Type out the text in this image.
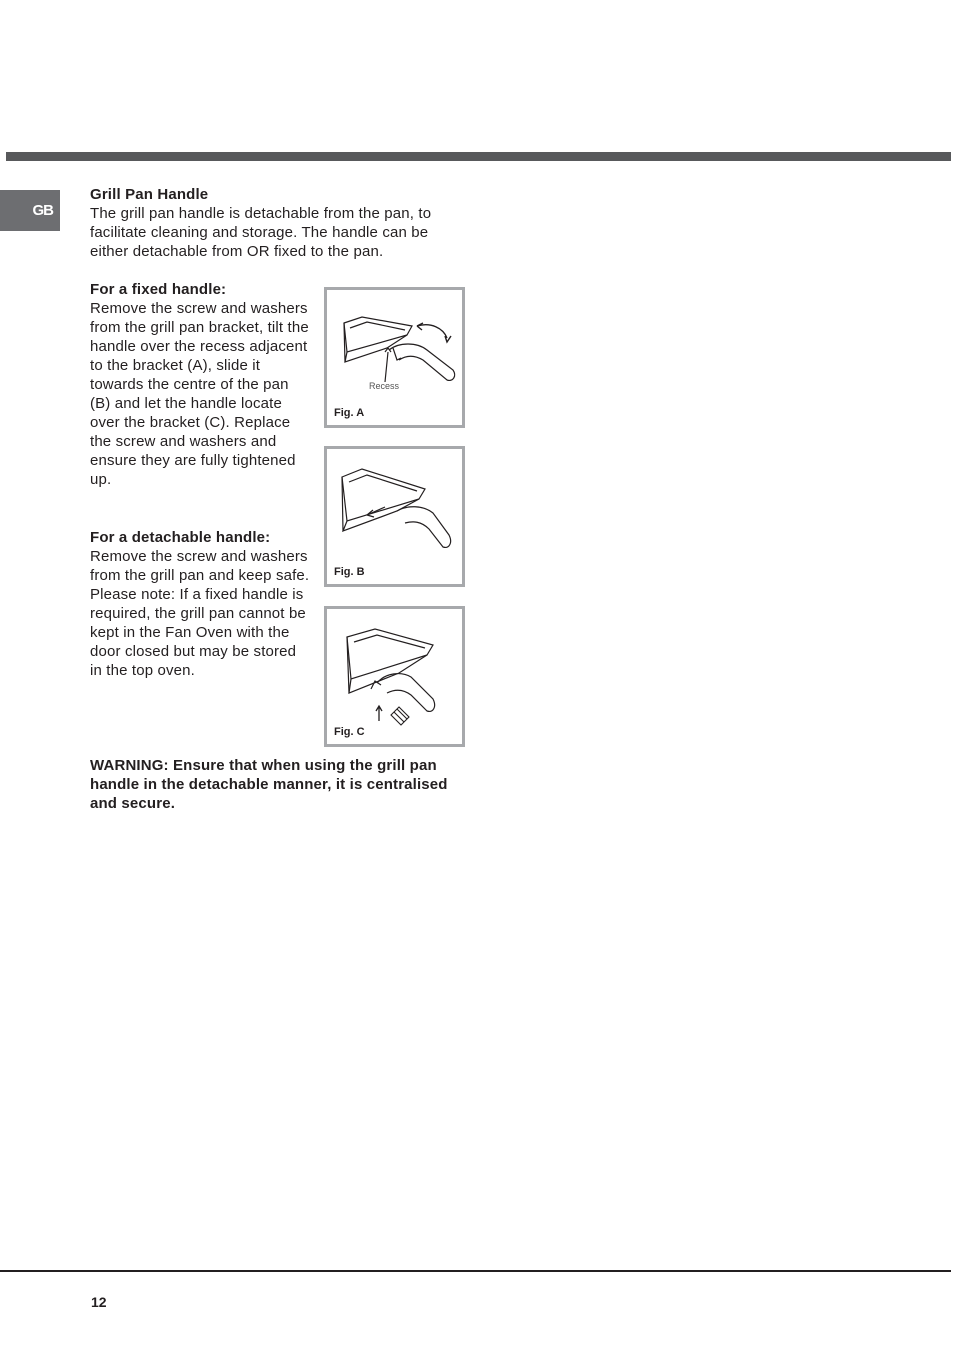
GB
Grill Pan Handle
The grill pan handle is detachable from the pan, to facilitate cleaning and storage. The handle can be either detachable from OR fixed to the pan.
For a fixed handle:
Remove the screw and washers from the grill pan bracket, tilt the handle over the recess adjacent to the bracket (A), slide it towards the centre of the pan (B) and let the handle locate over the bracket (C). Replace the screw and washers and ensure they are fully tightened up.
For a detachable handle:
Remove the screw and washers from the grill pan and keep safe.
Please note: If a fixed handle is required, the grill pan cannot be kept in the Fan Oven with the door closed but may be stored in the top oven.
WARNING: Ensure that when using the grill pan handle in the detachable manner, it is centralised and secure.
Recess
Fig. A
Fig. B
Fig. C
12
